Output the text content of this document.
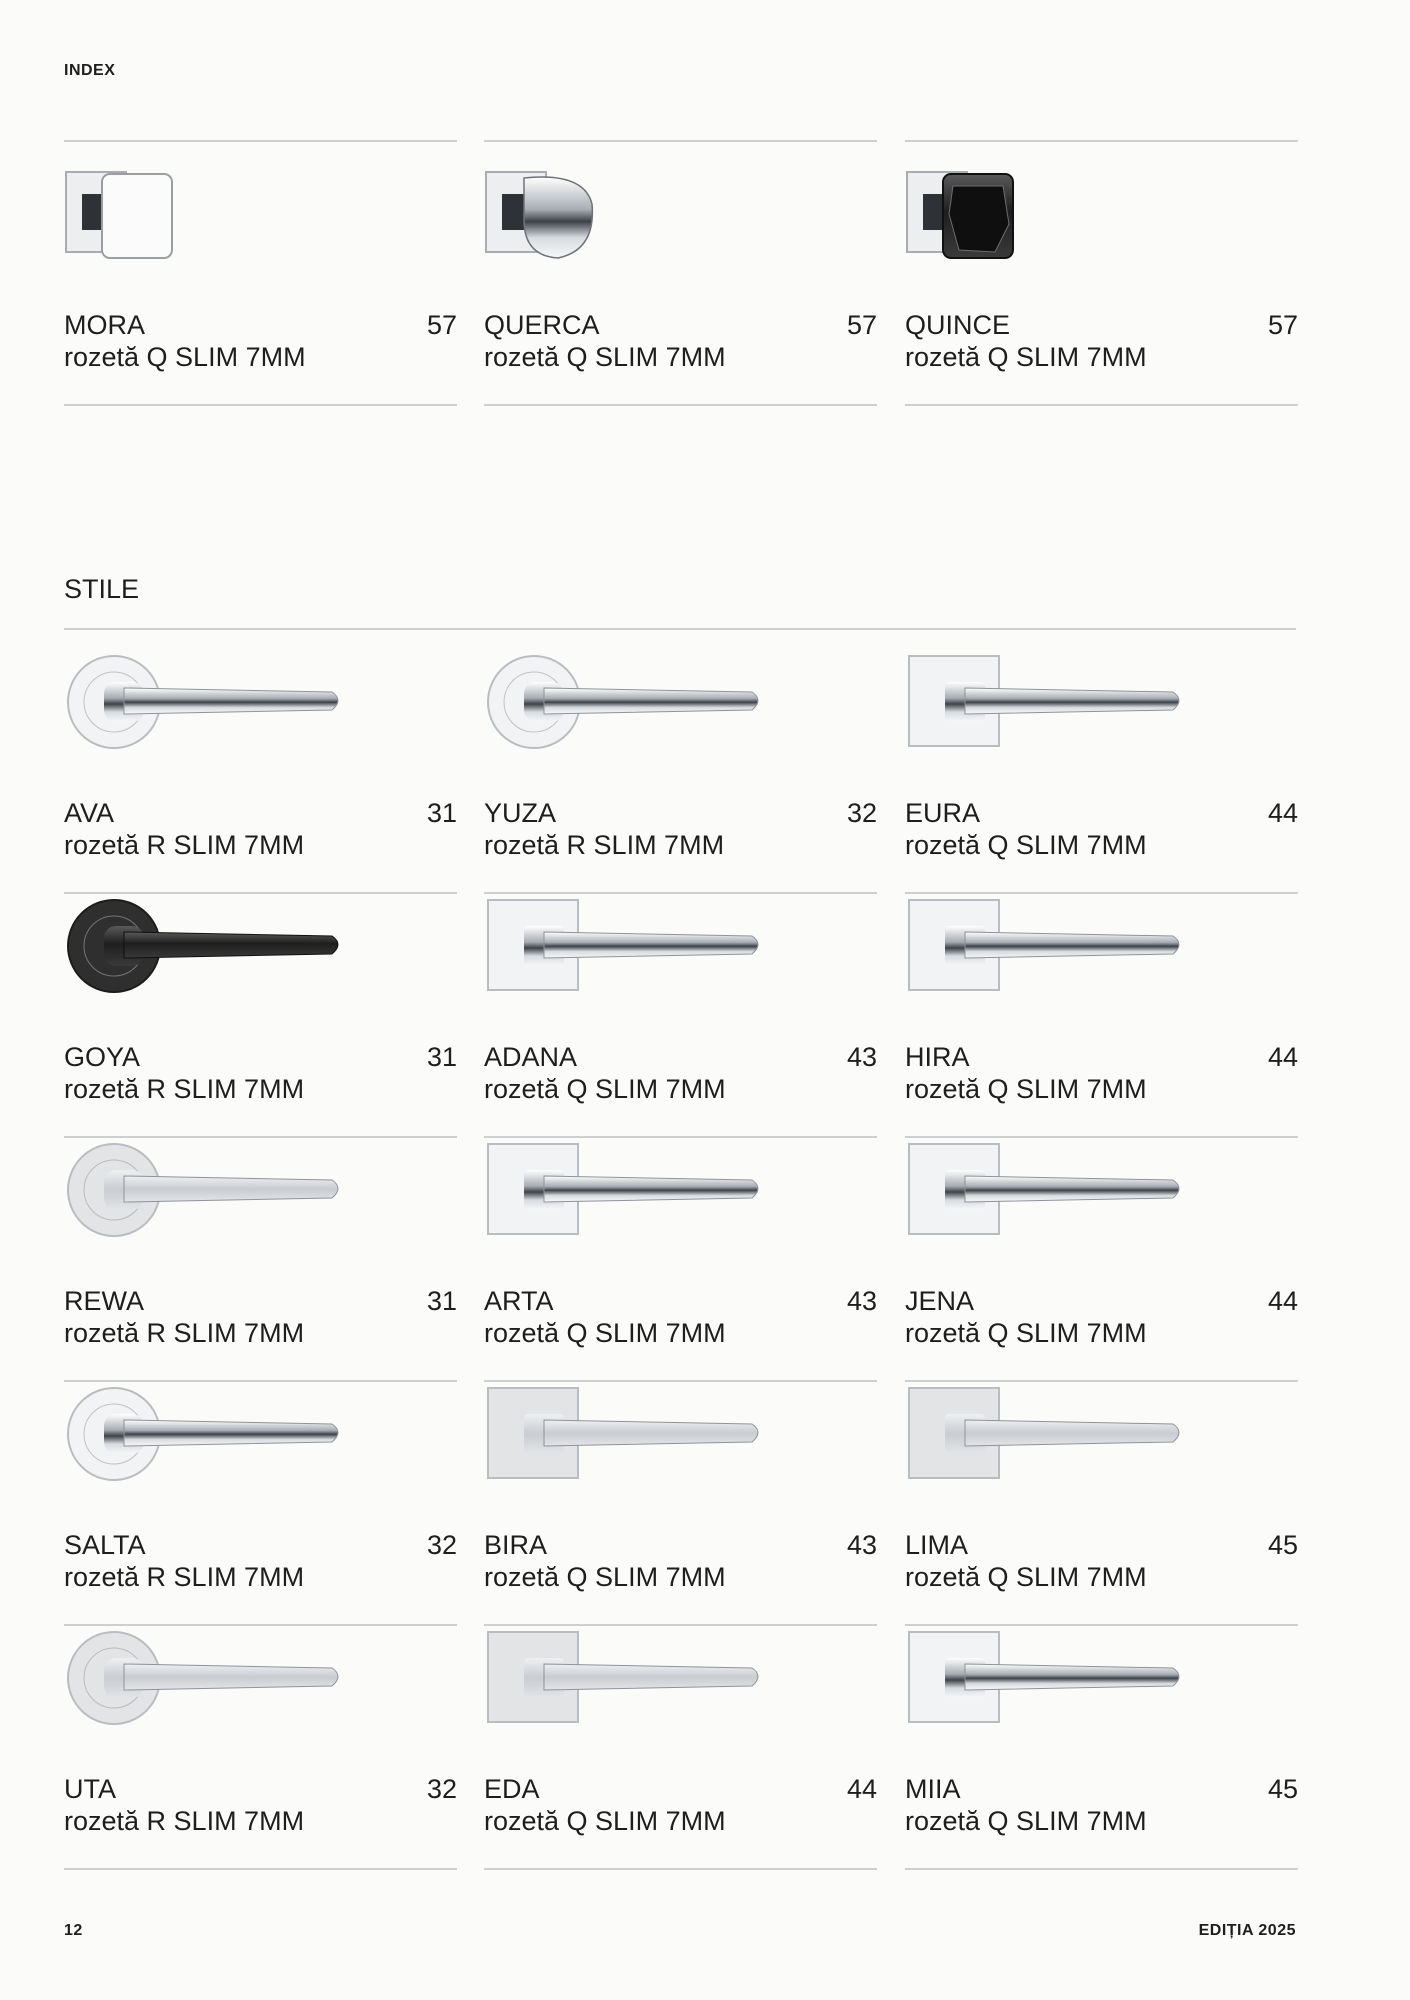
INDEX
MORA	57
rozetă Q SLIM 7MM
QUERCA	57
rozetă Q SLIM 7MM
QUINCE	57
rozetă Q SLIM 7MM
STILE
AVA	31
rozetă R SLIM 7MM
YUZA	32
rozetă R SLIM 7MM
EURA	44
rozetă Q SLIM 7MM
GOYA	31
rozetă R SLIM 7MM
ADANA	43
rozetă Q SLIM 7MM
HIRA	44
rozetă Q SLIM 7MM
REWA	31
rozetă R SLIM 7MM
ARTA	43
rozetă Q SLIM 7MM
JENA	44
rozetă Q SLIM 7MM
SALTA	32
rozetă R SLIM 7MM
BIRA	43
rozetă Q SLIM 7MM
LIMA	45
rozetă Q SLIM 7MM
UTA	32
rozetă R SLIM 7MM
EDA	44
rozetă Q SLIM 7MM
MIIA	45
rozetă Q SLIM 7MM
12	EDIȚIA 2025
